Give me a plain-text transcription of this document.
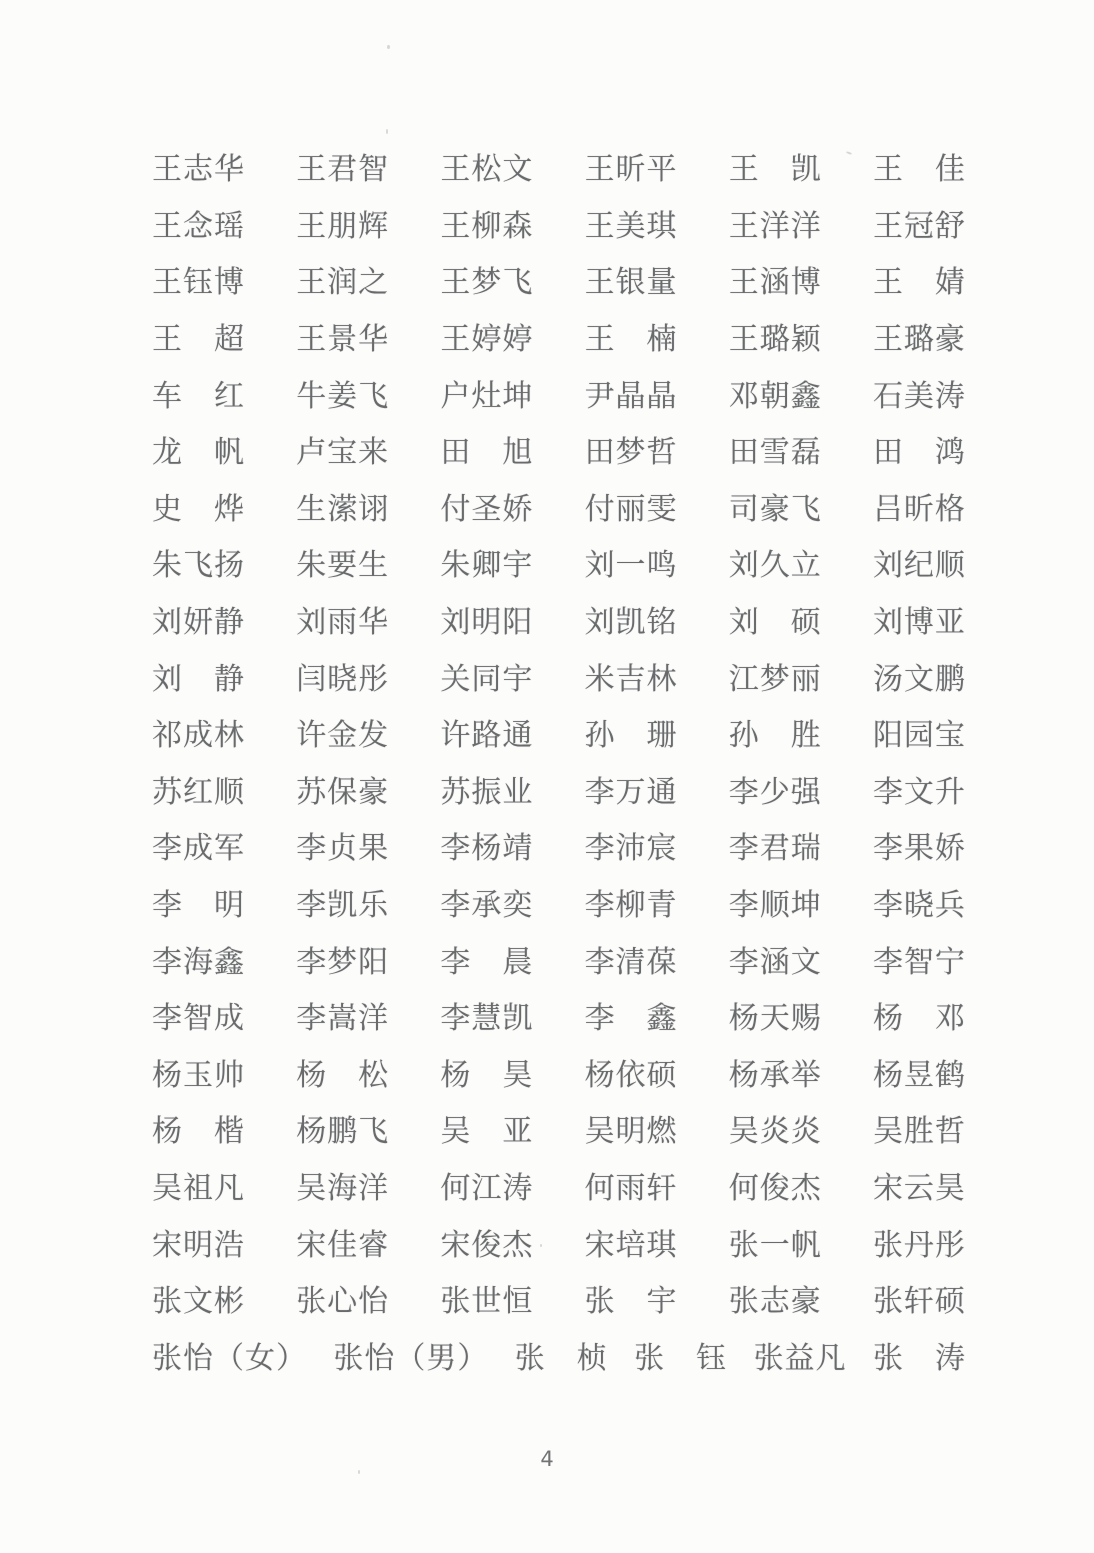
王志华 王君智 王松文 王昕平 王　凯 王　佳
王念瑶 王朋辉 王柳森 王美琪 王洋洋 王冠舒
王钰博 王润之 王梦飞 王银量 王涵博 王　婧
王　超 王景华 王婷婷 王　楠 王璐颖 王璐豪
车　红 牛姜飞 户灶坤 尹晶晶 邓朝鑫 石美涛
龙　帆 卢宝来 田　旭 田梦哲 田雪磊 田　鸿
史　烨 生潆诩 付圣娇 付丽雯 司豪飞 吕昕格
朱飞扬 朱要生 朱卿宇 刘一鸣 刘久立 刘纪顺
刘妍静 刘雨华 刘明阳 刘凯铭 刘　硕 刘博亚
刘　静 闫晓彤 关同宇 米吉林 江梦丽 汤文鹏
祁成林 许金发 许路通 孙　珊 孙　胜 阳园宝
苏红顺 苏保豪 苏振业 李万通 李少强 李文升
李成军 李贞果 李杨靖 李沛宸 李君瑞 李果娇
李　明 李凯乐 李承奕 李柳青 李顺坤 李晓兵
李海鑫 李梦阳 李　晨 李清葆 李涵文 李智宁
李智成 李嵩洋 李慧凯 李　鑫 杨天赐 杨　邓
杨玉帅 杨　松 杨　昊 杨依硕 杨承举 杨昱鹤
杨　楷 杨鹏飞 吴　亚 吴明燃 吴炎炎 吴胜哲
吴祖凡 吴海洋 何江涛 何雨轩 何俊杰 宋云昊
宋明浩 宋佳睿 宋俊杰 宋培琪 张一帆 张丹彤
张文彬 张心怡 张世恒 张　宇 张志豪 张轩硕
张怡（女） 张怡（男） 张　桢 张　钰 张益凡 张　涛
4
